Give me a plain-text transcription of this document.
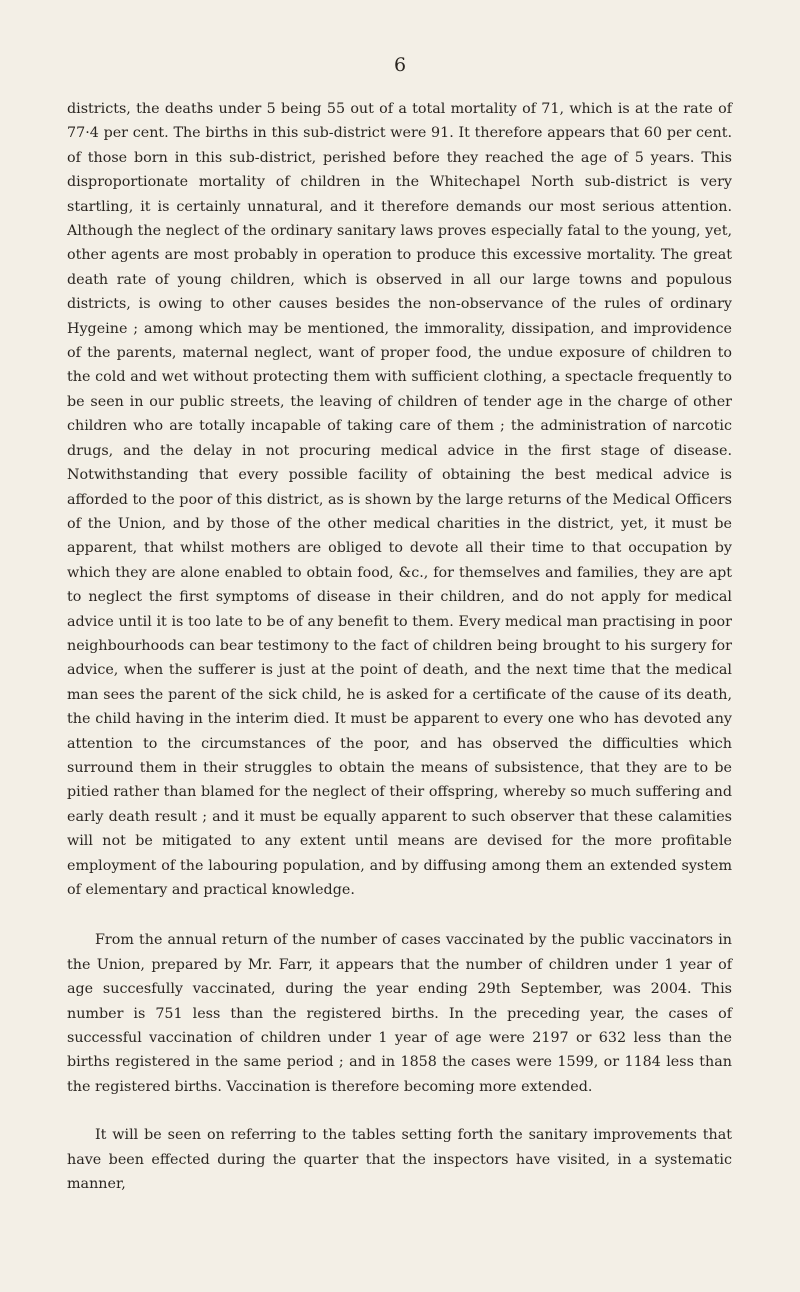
6

districts, the deaths under 5 being 55 out of a total mortality of 71, which is at the rate of 77·4 per cent. The births in this sub-district were 91. It therefore appears that 60 per cent. of those born in this sub-district, perished before they reached the age of 5 years. This disproportionate mortality of children in the Whitechapel North sub-district is very startling, it is certainly unnatural, and it therefore demands our most serious attention. Although the neglect of the ordinary sanitary laws proves especially fatal to the young, yet, other agents are most probably in operation to produce this excessive mortality. The great death rate of young children, which is observed in all our large towns and populous districts, is owing to other causes besides the non-observance of the rules of ordinary Hygeine ; among which may be mentioned, the immorality, dissipation, and improvidence of the parents, maternal neglect, want of proper food, the undue exposure of children to the cold and wet without protecting them with sufficient clothing, a spectacle frequently to be seen in our public streets, the leaving of children of tender age in the charge of other children who are totally incapable of taking care of them ; the administration of narcotic drugs, and the delay in not procuring medical advice in the first stage of disease. Notwithstanding that every possible facility of obtaining the best medical advice is afforded to the poor of this district, as is shown by the large returns of the Medical Officers of the Union, and by those of the other medical charities in the district, yet, it must be apparent, that whilst mothers are obliged to devote all their time to that occupation by which they are alone enabled to obtain food, &c., for themselves and families, they are apt to neglect the first symptoms of disease in their children, and do not apply for medical advice until it is too late to be of any benefit to them. Every medical man practising in poor neighbourhoods can bear testimony to the fact of children being brought to his surgery for advice, when the sufferer is just at the point of death, and the next time that the medical man sees the parent of the sick child, he is asked for a certificate of the cause of its death, the child having in the interim died. It must be apparent to every one who has devoted any attention to the circumstances of the poor, and has observed the difficulties which surround them in their struggles to obtain the means of subsistence, that they are to be pitied rather than blamed for the neglect of their offspring, whereby so much suffering and early death result ; and it must be equally apparent to such observer that these calamities will not be mitigated to any extent until means are devised for the more profitable employment of the labouring population, and by diffusing among them an extended system of elementary and practical knowledge.

From the annual return of the number of cases vaccinated by the public vaccinators in the Union, prepared by Mr. Farr, it appears that the number of children under 1 year of age succesfully vaccinated, during the year ending 29th September, was 2004. This number is 751 less than the registered births. In the preceding year, the cases of successful vaccination of children under 1 year of age were 2197 or 632 less than the births registered in the same period ; and in 1858 the cases were 1599, or 1184 less than the registered births. Vaccination is therefore becoming more extended.

It will be seen on referring to the tables setting forth the sanitary improvements that have been effected during the quarter that the inspectors have visited, in a systematic manner,
